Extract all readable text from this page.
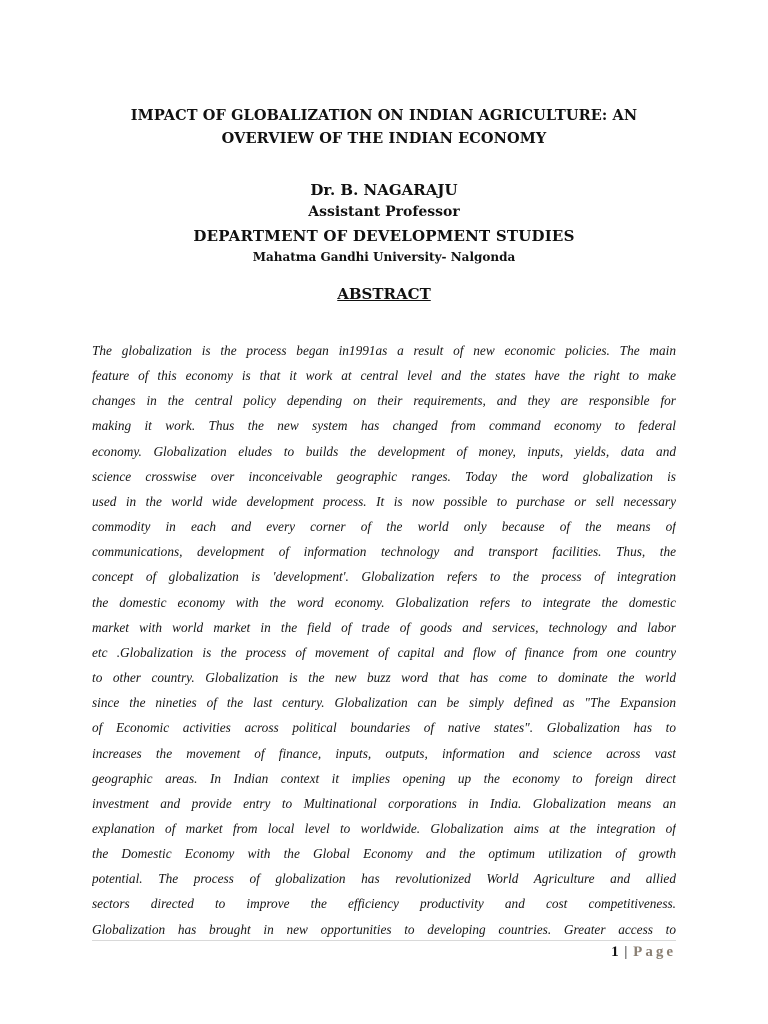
IMPACT OF GLOBALIZATION ON INDIAN AGRICULTURE: AN
OVERVIEW OF THE INDIAN ECONOMY
Dr. B. NAGARAJU
Assistant Professor
DEPARTMENT OF DEVELOPMENT STUDIES
Mahatma Gandhi University- Nalgonda
ABSTRACT
The globalization is the process began in1991as a result of new economic policies. The main
feature of this economy is that it work at central level and the states have the right to make
changes in the central policy depending on their requirements, and they are responsible for
making it work. Thus the new system has changed from command economy to federal
economy. Globalization eludes to builds the development of money, inputs, yields, data and
science crosswise over inconceivable geographic ranges. Today the word globalization is
used in the world wide development process. It is now possible to purchase or sell necessary
commodity in each and every corner of the world only because of the means of
communications, development of information technology and transport facilities. Thus, the
concept of globalization is 'development'. Globalization refers to the process of integration
the domestic economy with the word economy. Globalization refers to integrate the domestic
market with world market in the field of trade of goods and services, technology and labor
etc .Globalization is the process of movement of capital and flow of finance from one country
to other country. Globalization is the new buzz word that has come to dominate the world
since the nineties of the last century. Globalization can be simply defined as "The Expansion
of Economic activities across political boundaries of native states". Globalization has to
increases the movement of finance, inputs, outputs, information and science across vast
geographic areas. In Indian context it implies opening up the economy to foreign direct
investment and provide entry to Multinational corporations in India. Globalization means an
explanation of market from local level to worldwide. Globalization aims at the integration of
the Domestic Economy with the Global Economy and the optimum utilization of growth
potential. The process of globalization has revolutionized World Agriculture and allied
sectors directed to improve the efficiency productivity and cost competitiveness.
Globalization has brought in new opportunities to developing countries. Greater access to
1 | Page
